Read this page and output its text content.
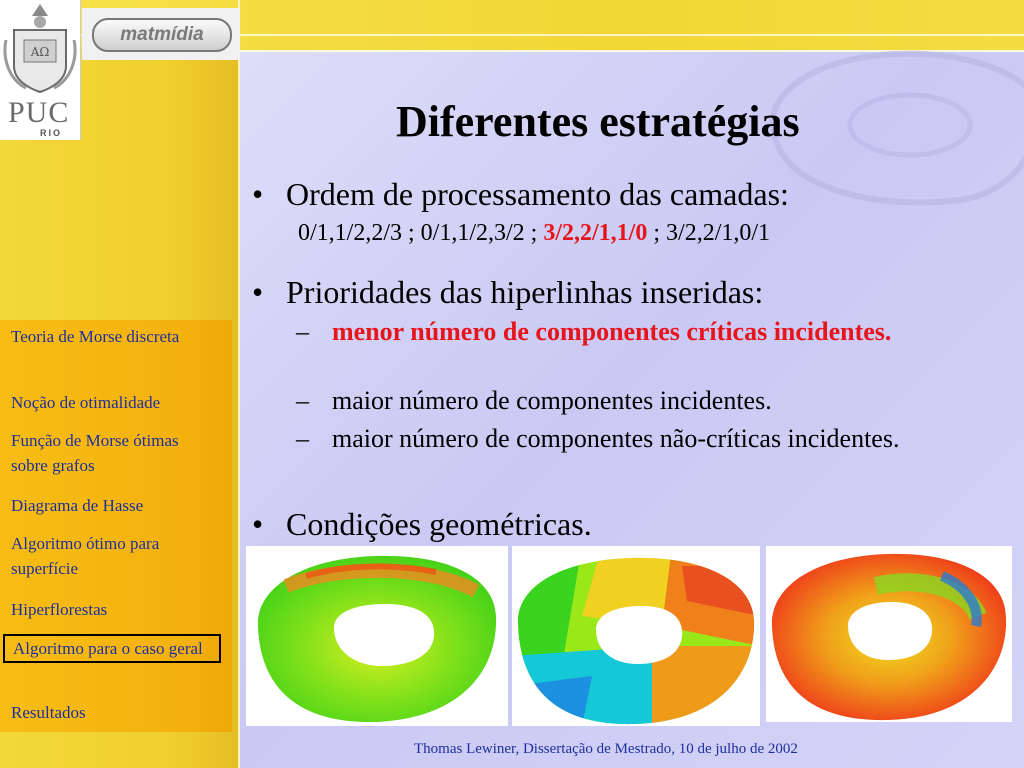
ΑΩ
PUC
RIO
matmídia
Diferentes estratégias
• Ordem de processamento das camadas:
0/1,1/2,2/3 ; 0/1,1/2,3/2 ; 3/2,2/1,1/0 ; 3/2,2/1,0/1
• Prioridades das hiperlinhas inseridas:
– menor número de componentes críticas incidentes.
– maior número de componentes incidentes.
– maior número de componentes não-críticas incidentes.
• Condições geométricas.
Teoria de Morse discreta
Noção de otimalidade
Função de Morse ótimas sobre grafos
Diagrama de Hasse
Algoritmo ótimo para superfície
Hiperflorestas
Algoritmo para o caso geral
Resultados
Thomas Lewiner, Dissertação de Mestrado, 10 de julho de 2002
